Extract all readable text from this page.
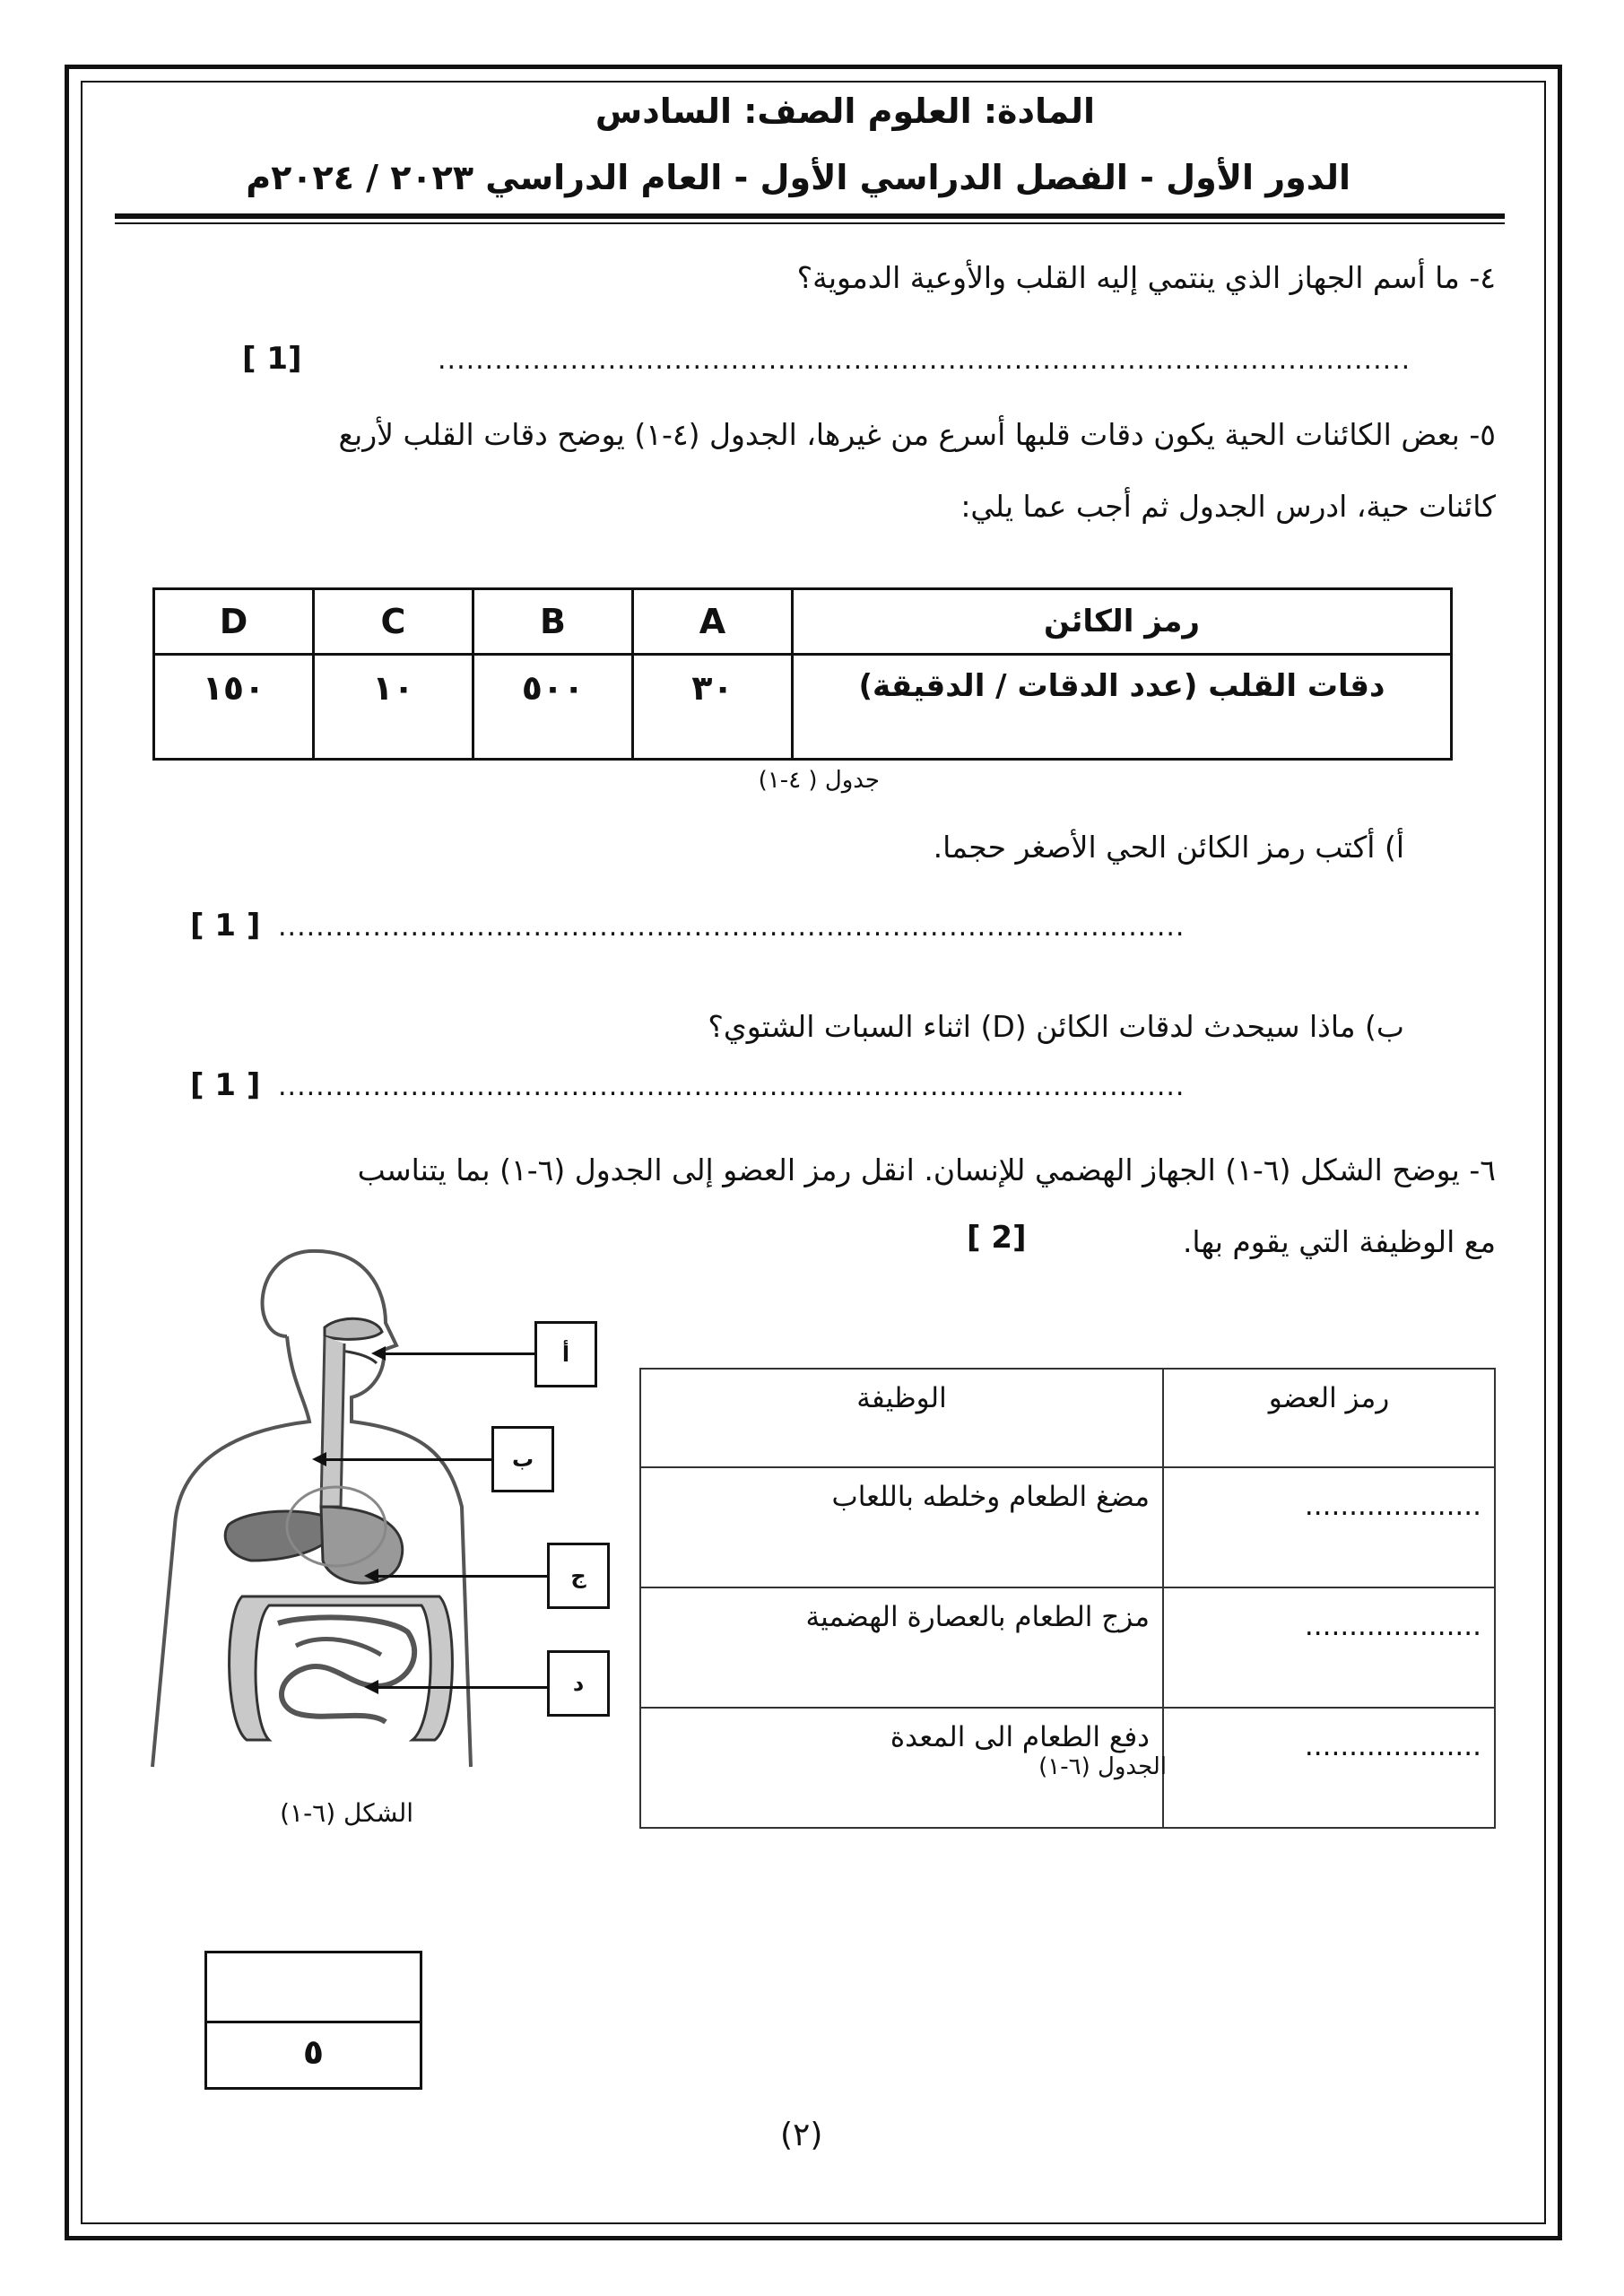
المادة: العلوم الصف: السادس
الدور الأول - الفصل الدراسي الأول - العام الدراسي ٢٠٢٣ / ٢٠٢٤م
٤- ما أسم الجهاز الذي ينتمي إليه القلب والأوعية الدموية؟
[ 1]	.......................................................................................................
٥- بعض الكائنات الحية يكون دقات قلبها أسرع من غيرها، الجدول (٤-١) يوضح دقات القلب لأربع
كائنات حية، ادرس الجدول ثم أجب عما يلي:
D	C	B	A	رمز الكائن
١٥٠	١٠	٥٠٠	٣٠	دقات القلب (عدد الدقات / الدقيقة)
جدول ( ٤-١)
أ) أكتب رمز الكائن الحي الأصغر حجما.
[ 1 ] ................................................................................................
ب) ماذا سيحدث لدقات الكائن (D) اثناء السبات الشتوي؟
[ 1 ] ................................................................................................
٦- يوضح الشكل (٦-١) الجهاز الهضمي للإنسان. انقل رمز العضو إلى الجدول (٦-١) بما يتناسب
مع الوظيفة التي يقوم بها.
[ 2]
أ
ب
ج
د
الشكل (٦-١)
الوظيفة	رمز العضو
مضغ الطعام وخلطه باللعاب	....................
مزج الطعام بالعصارة الهضمية	....................
دفع الطعام الى المعدة	....................
الجدول (٦-١)
٥
(٢)
